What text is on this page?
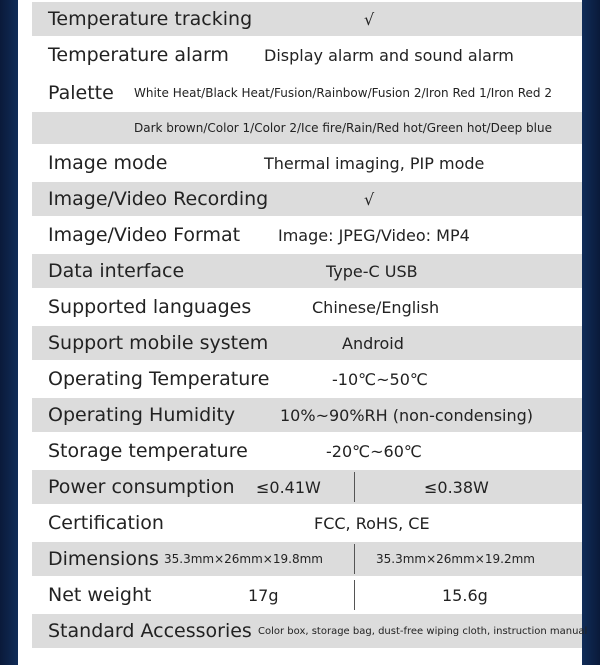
Temperature tracking	√
Temperature alarm Display alarm and sound alarm
Palette White Heat/Black Heat/Fusion/Rainbow/Fusion 2/Iron Red 1/Iron Red 2
Dark brown/Color 1/Color 2/Ice fire/Rain/Red hot/Green hot/Deep blue
Image mode	Thermal imaging, PIP mode
Image/Video Recording	√
Image/Video Format Image: JPEG/Video: MP4
Data interface	Type-C USB
Supported languages	Chinese/English
Support mobile system	Android
Operating Temperature	-10℃~50℃
Operating Humidity	10%~90%RH (non-condensing)
Storage temperature	-20℃~60℃
Power consumption ≤0.41W	≤0.38W
Certification	FCC, RoHS, CE
Dimensions 35.3mm×26mm×19.8mm	35.3mm×26mm×19.2mm
Net weight	17g	15.6g
Standard Accessories Color box, storage bag, dust-free wiping cloth, instruction manual
